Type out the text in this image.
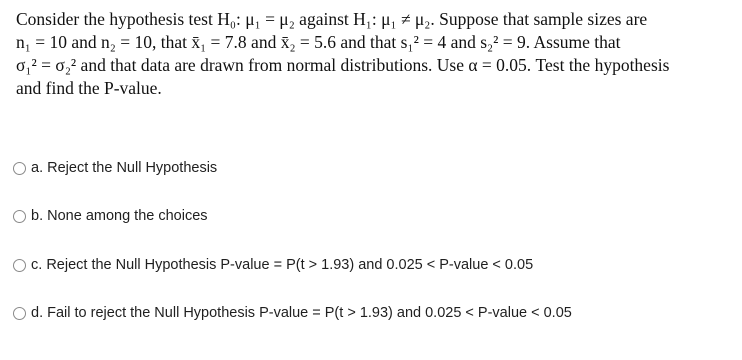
Consider the hypothesis test H₀: μ₁ = μ₂ against H₁: μ₁ ≠ μ₂. Suppose that sample sizes are
n₁ = 10 and n₂ = 10, that x̄₁ = 7.8 and x̄₂ = 5.6 and that s₁² = 4 and s₂² = 9. Assume that
σ₁² = σ₂² and that data are drawn from normal distributions. Use α = 0.05. Test the hypothesis
and find the P-value.
a.
Reject the Null Hypothesis
b.
None among the choices
c.
Reject the Null Hypothesis P-value = P(t > 1.93) and 0.025 < P-value < 0.05
d.
Fail to reject the Null Hypothesis P-value = P(t > 1.93) and 0.025 < P-value < 0.05
